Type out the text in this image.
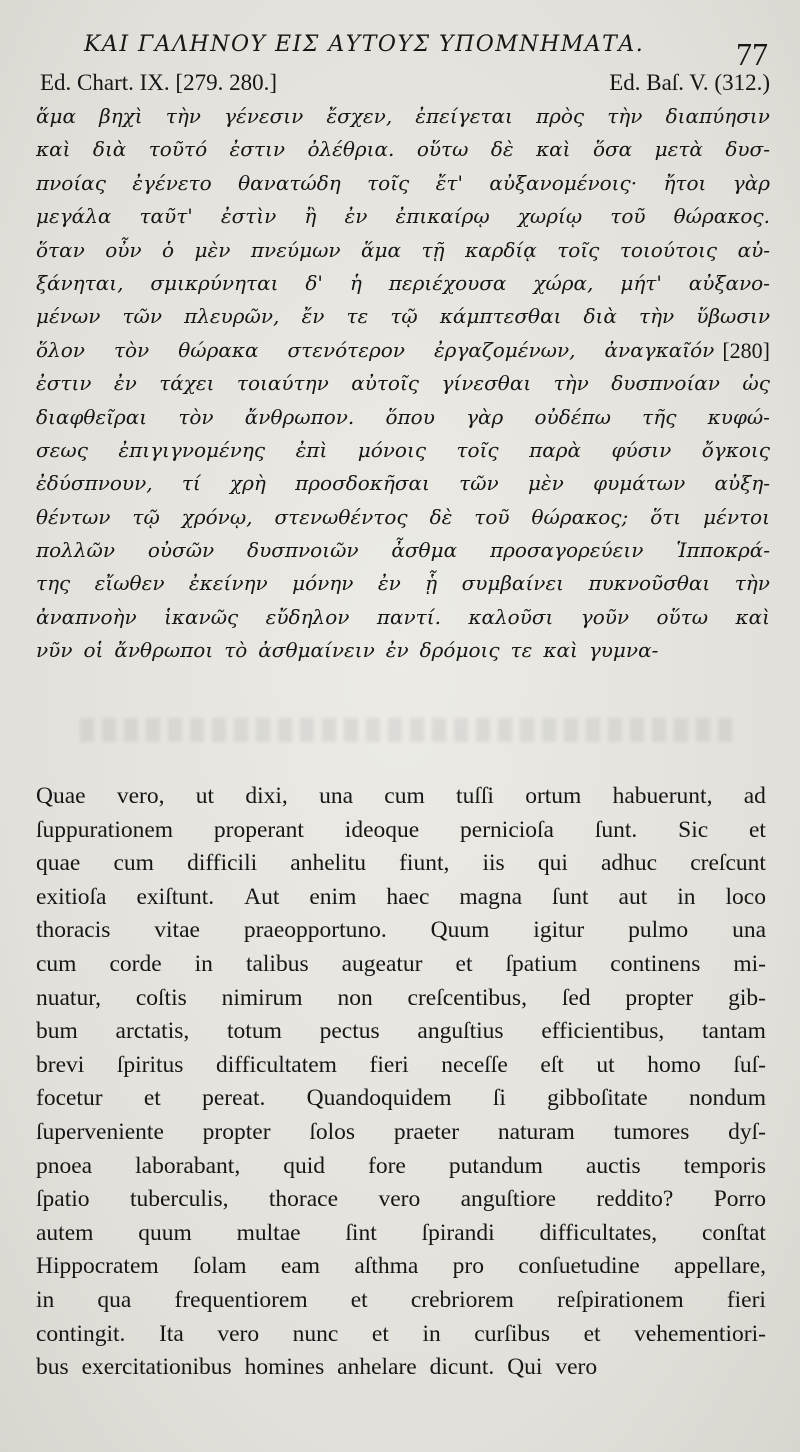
ΚΑΙ ΓΑΛΗΝΟΥ ΕΙΣ ΑΥΤΟΥΣ ΥΠΟΜΝΗΜΑΤΑ.	77
Ed. Chart. IX. [279. 280.]	Ed. Baſ. V. (312.)
ἅμα βηχὶ τὴν γένεσιν ἔσχεν, ἐπείγεται πρὸς τὴν διαπύησιν
καὶ διὰ τοῦτό ἐστιν ὀλέθρια. οὕτω δὲ καὶ ὅσα μετὰ δυσ-
πνοίας ἐγένετο θανατώδη τοῖς ἔτ' αὐξανομένοις· ἤτοι γὰρ
μεγάλα ταῦτ' ἐστὶν ἢ ἐν ἐπικαίρῳ χωρίῳ τοῦ θώρακος.
ὅταν οὖν ὁ μὲν πνεύμων ἅμα τῇ καρδίᾳ τοῖς τοιούτοις αὐ-
ξάνηται, σμικρύνηται δ' ἡ περιέχουσα χώρα, μήτ' αὐξανο-
μένων τῶν πλευρῶν, ἔν τε τῷ κάμπτεσθαι διὰ τὴν ὕβωσιν
ὅλον τὸν θώρακα στενότερον ἐργαζομένων, ἀναγκαῖόν [280]
ἐστιν ἐν τάχει τοιαύτην αὐτοῖς γίνεσθαι τὴν δυσπνοίαν ὡς
διαφθεῖραι τὸν ἄνθρωπον. ὅπου γὰρ οὐδέπω τῆς κυφώ-
σεως ἐπιγιγνομένης ἐπὶ μόνοις τοῖς παρὰ φύσιν ὄγκοις
ἐδύσπνουν, τί χρὴ προσδοκῆσαι τῶν μὲν φυμάτων αὐξη-
θέντων τῷ χρόνῳ, στενωθέντος δὲ τοῦ θώρακος; ὅτι μέντοι
πολλῶν οὐσῶν δυσπνοιῶν ἆσθμα προσαγορεύειν Ἱπποκρά-
της εἴωθεν ἐκείνην μόνην ἐν ᾗ συμβαίνει πυκνοῦσθαι τὴν
ἀναπνοὴν ἱκανῶς εὔδηλον παντί. καλοῦσι γοῦν οὕτω καὶ
νῦν οἱ ἄνθρωποι τὸ ἀσθμαίνειν ἐν δρόμοις τε καὶ γυμνα-
Quae vero, ut dixi, una cum tuſſi ortum habuerunt, ad
ſuppurationem properant ideoque pernicioſa ſunt. Sic et
quae cum difficili anhelitu fiunt, iis qui adhuc creſcunt
exitioſa exiſtunt. Aut enim haec magna ſunt aut in loco
thoracis vitae praeopportuno. Quum igitur pulmo una
cum corde in talibus augeatur et ſpatium continens mi-
nuatur, coſtis nimirum non creſcentibus, ſed propter gib-
bum arctatis, totum pectus anguſtius efficientibus, tantam
brevi ſpiritus difficultatem fieri neceſſe eſt ut homo ſuſ-
focetur et pereat. Quandoquidem ſi gibboſitate nondum
ſuperveniente propter ſolos praeter naturam tumores dyſ-
pnoea laborabant, quid fore putandum auctis temporis
ſpatio tuberculis, thorace vero anguſtiore reddito? Porro
autem quum multae ſint ſpirandi difficultates, conſtat
Hippocratem ſolam eam aſthma pro conſuetudine appellare,
in qua frequentiorem et crebriorem reſpirationem fieri
contingit. Ita vero nunc et in curſibus et vehementiori-
bus exercitationibus homines anhelare dicunt. Qui vero
